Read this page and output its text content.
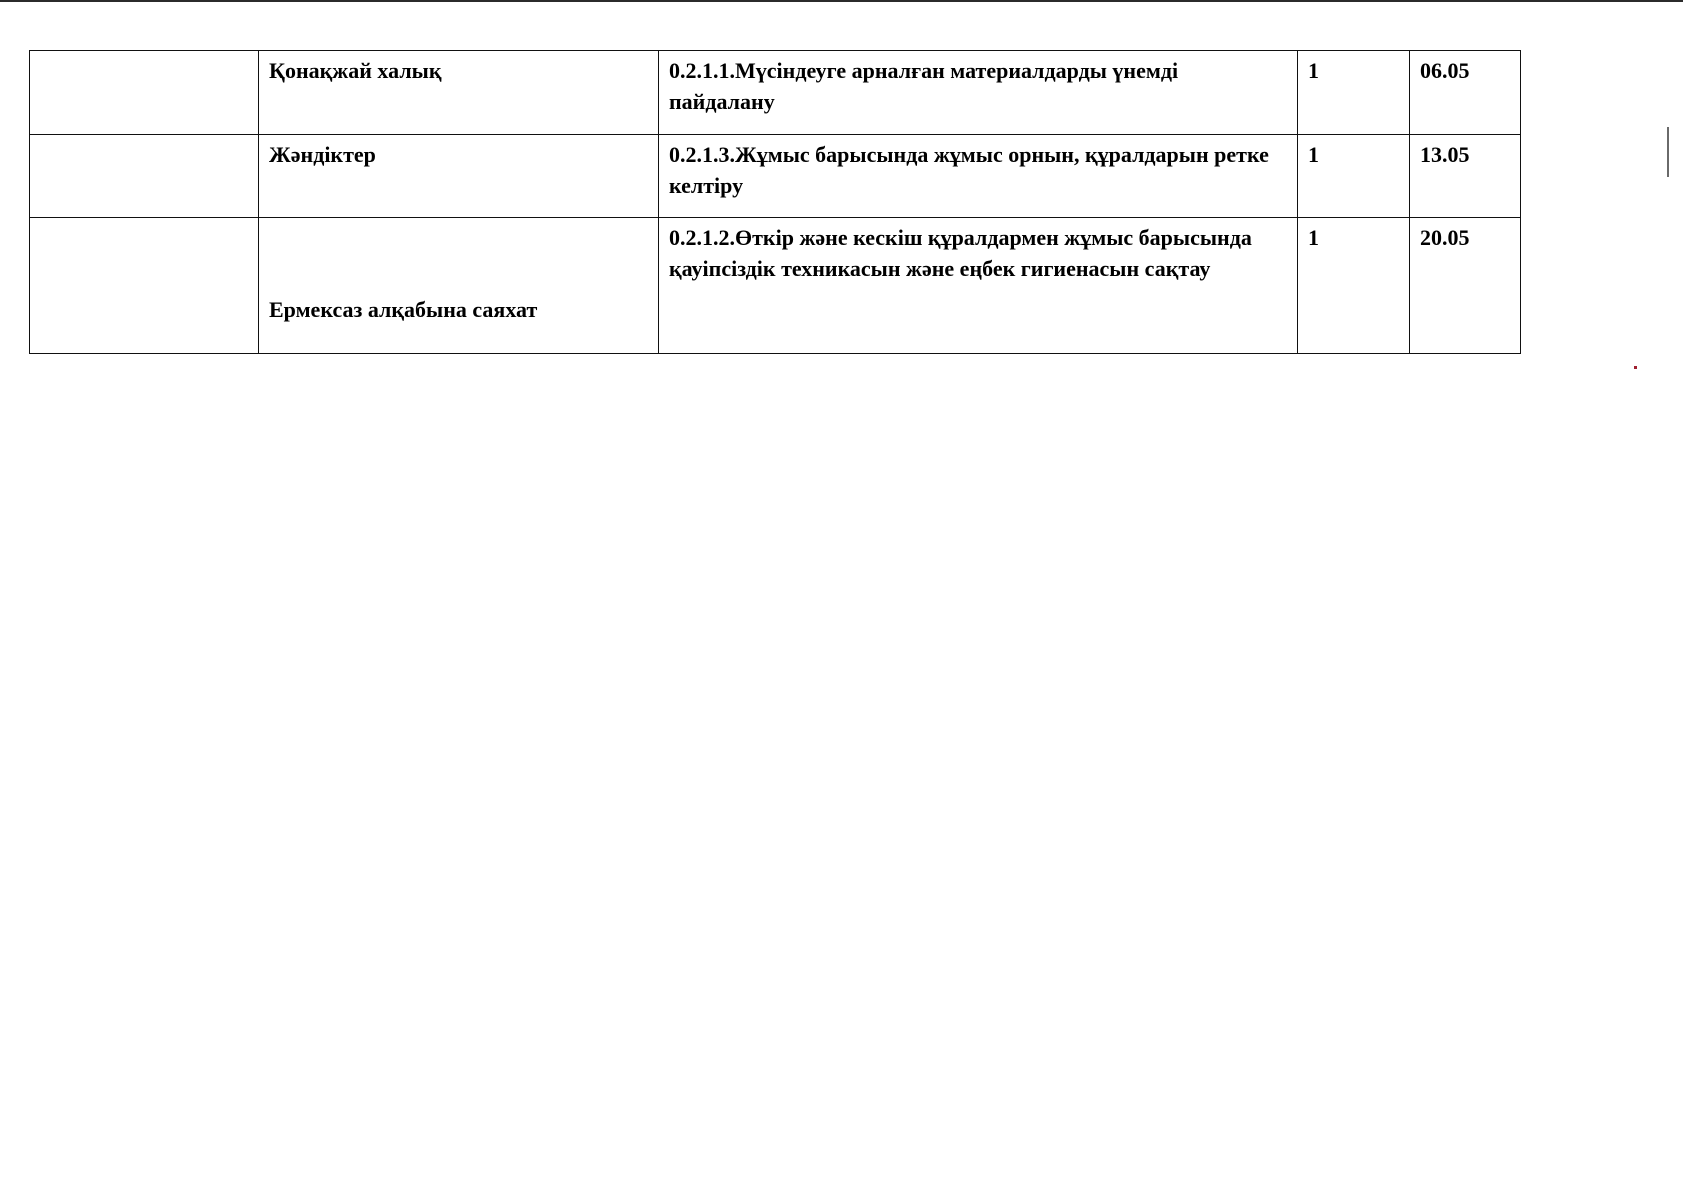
	Қонақжай халық	0.2.1.1.Мүсіндеуге арналған материалдарды үнемді пайдалану	1	06.05
	Жәндіктер	0.2.1.3.Жұмыс барысында жұмыс орнын, құралдарын ретке келтіру	1	13.05
	Ермексаз алқабына саяхат	0.2.1.2.Өткір және кескіш құралдармен жұмыс барысында қауіпсіздік техникасын және еңбек гигиенасын сақтау	1	20.05
